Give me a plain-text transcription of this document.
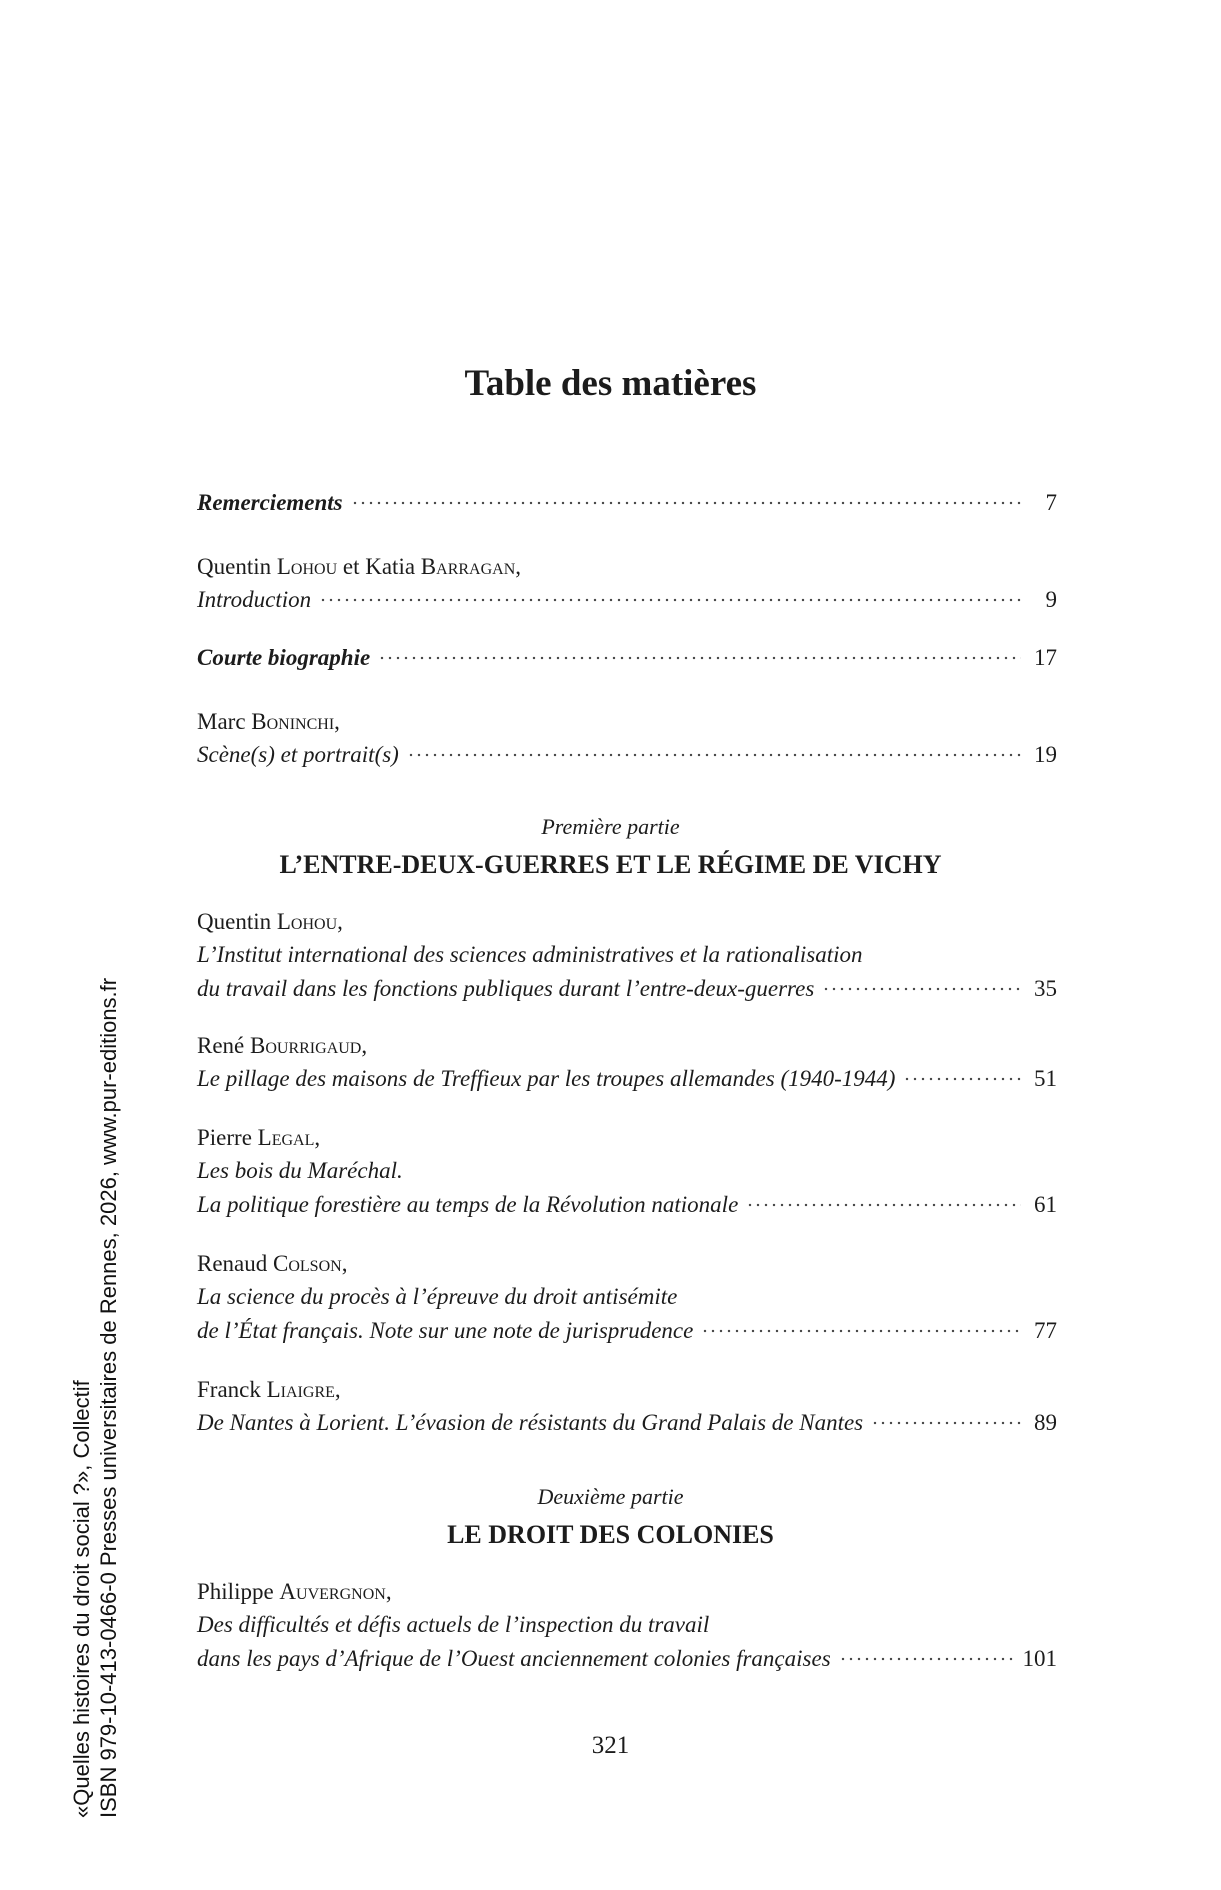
Table des matières
Remerciements	7
Quentin Lohou et Katia Barragan,
Introduction	9
Courte biographie	17
Marc Boninchi,
Scène(s) et portrait(s)	19
Première partie
L’ENTRE-DEUX-GUERRES ET LE RÉGIME DE VICHY
Quentin Lohou,
L’Institut international des sciences administratives et la rationalisation
du travail dans les fonctions publiques durant l’entre-deux-guerres	35
René Bourrigaud,
Le pillage des maisons de Treffieux par les troupes allemandes (1940-1944)	51
Pierre Legal,
Les bois du Maréchal.
La politique forestière au temps de la Révolution nationale	61
Renaud Colson,
La science du procès à l’épreuve du droit antisémite
de l’État français. Note sur une note de jurisprudence	77
Franck Liaigre,
De Nantes à Lorient. L’évasion de résistants du Grand Palais de Nantes	89
Deuxième partie
LE DROIT DES COLONIES
Philippe Auvergnon,
Des difficultés et défis actuels de l’inspection du travail
dans les pays d’Afrique de l’Ouest anciennement colonies françaises	101
321
«Quelles histoires du droit social ?», Collectif ISBN 979-10-413-0466-0 Presses universitaires de Rennes, 2026, www.pur-editions.fr
